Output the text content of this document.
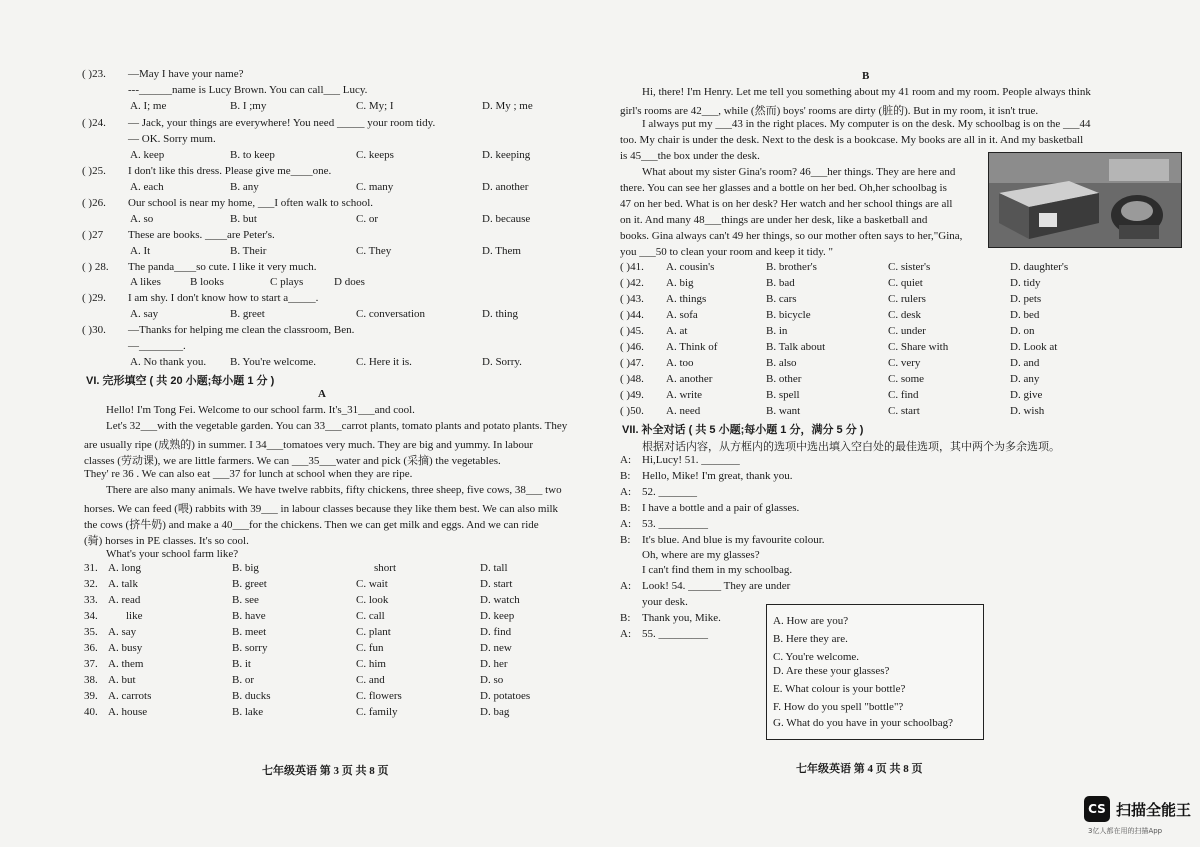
( )23. —May I have your name?
---______name is Lucy Brown. You can call___ Lucy.
A. I; me	B. I ;my	C. My; I	D. My ; me
( )24. — Jack, your things are everywhere! You need _____ your room tidy.
— OK. Sorry mum.
A. keep	B. to keep	C. keeps	D. keeping
( )25. I don't like this dress. Please give me____one.
A. each	B. any	C. many	D. another
( )26. Our school is near my home, ___I often walk to school.
A. so	B. but	C. or	D. because
( )27 These are books. ____are Peter's.
A. It	B. Their	C. They	D. Them
( ) 28. The panda____so cute. I like it very much.
A likes	B looks	C plays	D does
( )29. I am shy. I don't know how to start a_____.
A. say	B. greet	C. conversation	D. thing
( )30. —Thanks for helping me clean the classroom, Ben.
—________.
A. No thank you. B. You're welcome.	C. Here it is.	D. Sorry.
VI. 完形填空 ( 共 20 小题;每小题 1 分 )
A
Hello! I'm Tong Fei. Welcome to our school farm. It's_31___and cool.
Let's 32___with the vegetable garden. You can 33___carrot plants, tomato plants and potato plants. They
are usually ripe (成熟的) in summer. I 34___tomatoes very much. They are big and yummy. In labour
classes (劳动课), we are little farmers. We can ___35___water and pick (采摘) the vegetables.
They' re 36 . We can also eat ___37 for lunch at school when they are ripe.
There are also many animals. We have twelve rabbits, fifty chickens, three sheep, five cows, 38___ two
horses. We can feed (喂) rabbits with 39___ in labour classes because they like them best. We can also milk
the cows (挤牛奶) and make a 40___for the chickens. Then we can get milk and eggs. And we can ride
(骑) horses in PE classes. It's so cool.
What's your school farm like?
31. A. long	B. big	short	D. tall
32. A. talk	B. greet	C. wait	D. start
33. A. read	B. see	C. look	D. watch
34.	like	B. have	C. call	D. keep
35. A. say	B. meet	C. plant	D. find
36. A. busy	B. sorry	C. fun	D. new
37. A. them	B. it	C. him	D. her
38. A. but	B. or	C. and	D. so
39. A. carrots	B. ducks	C. flowers	D. potatoes
40. A. house	B. lake	C. family	D. bag
七年级英语 第 3 页 共 8 页
B
Hi, there! I'm Henry. Let me tell you something about my 41 room and my room. People always think
girl's rooms are 42___, while (然而) boys' rooms are dirty (脏的). But in my room, it isn't true.
I always put my ___43 in the right places. My computer is on the desk. My schoolbag is on the ___44
too. My chair is under the desk. Next to the desk is a bookcase. My books are all in it. And my basketball
is 45___the box under the desk.
What about my sister Gina's room? 46___her things. They are here and
there. You can see her glasses and a bottle on her bed. Oh,her schoolbag is
47 on her bed. What is on her desk? Her watch and her school things are all
on it. And many 48___things are under her desk, like a basketball and
books. Gina always can't 49 her things, so our mother often says to her,"Gina,
you ___50 to clean your room and keep it tidy. "
( )41. A. cousin's	B. brother's	C. sister's	D. daughter's
( )42. A. big	B. bad	C. quiet	D. tidy
( )43. A. things	B. cars	C. rulers	D. pets
( )44. A. sofa	B. bicycle	C. desk	D. bed
( )45. A. at	B. in	C. under	D. on
( )46. A. Think of	B. Talk about	C. Share with	D. Look at
( )47. A. too	B. also	C. very	D. and
( )48. A. another	B. other	C. some	D. any
( )49. A. write	B. spell	C. find	D. give
( )50. A. need	B. want	C. start	D. wish
VII. 补全对话 ( 共 5 小题;每小题 1 分，满分 5 分 )
根据对话内容，从方框内的选项中选出填入空白处的最佳选项，其中两个为多余选项。
A: Hi,Lucy! 51. _______
B: Hello, Mike! I'm great, thank you.
A: 52. _______
B: I have a bottle and a pair of glasses.
A: 53. _________
B: It's blue. And blue is my favourite colour.
Oh, where are my glasses?
I can't find them in my schoolbag.
A: Look! 54. ______ They are under
your desk.
B: Thank you, Mike.
A: 55. _________
A. How are you?
B. Here they are.
C. You're welcome.
D. Are these your glasses?
E. What colour is your bottle?
F. How do you spell "bottle"?
G. What do you have in your schoolbag?
七年级英语 第 4 页 共 8 页
CS 扫描全能王
3亿人都在用的扫描App
